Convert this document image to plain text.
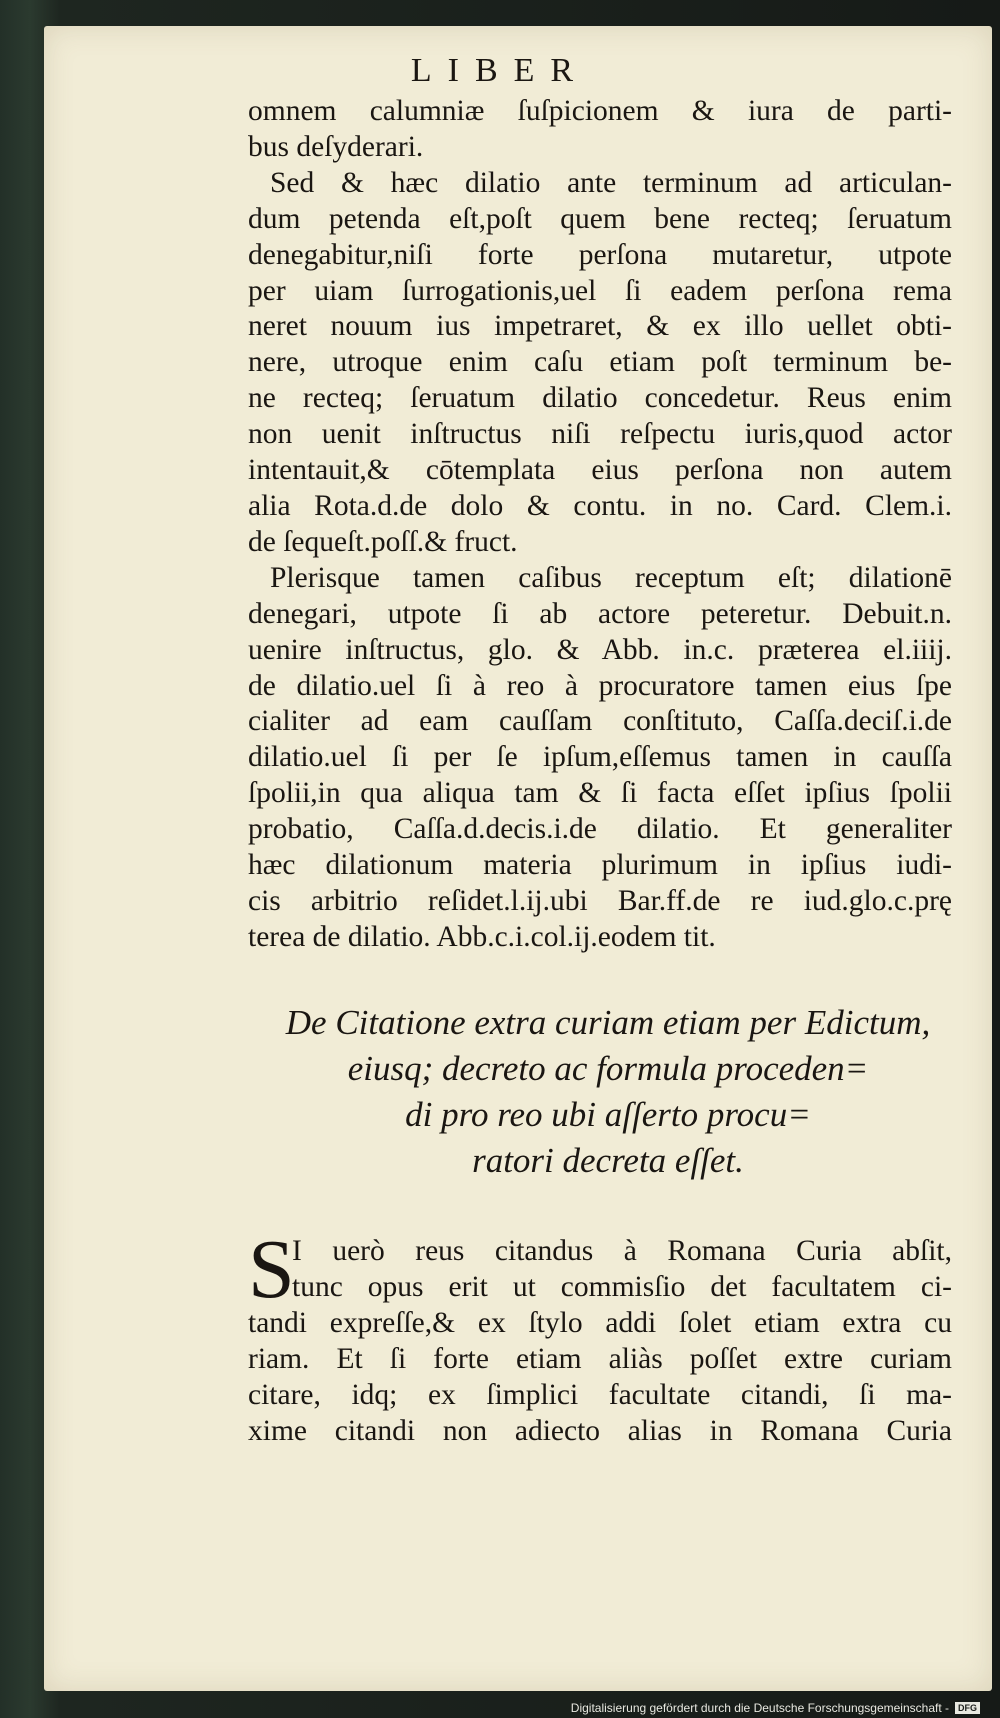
LIBER
omnem calumniæ ſuſpicionem & iura de parti-
bus deſyderari.
Sed & hæc dilatio ante terminum ad articulan-
dum petenda eſt,poſt quem bene recteq; ſeruatum
denegabitur,niſi forte perſona mutaretur, utpote
per uiam ſurrogationis,uel ſi eadem perſona rema
neret nouum ius impetraret, & ex illo uellet obti-
nere, utroque enim caſu etiam poſt terminum be-
ne recteq; ſeruatum dilatio concedetur. Reus enim
non uenit inſtructus niſi reſpectu iuris,quod actor
intentauit,& cōtemplata eius perſona non autem
alia Rota.d.de dolo & contu. in no. Card. Clem.i.
de ſequeſt.poſſ.& fruct.
Plerisque tamen caſibus receptum eſt; dilationē
denegari, utpote ſi ab actore peteretur. Debuit.n.
uenire inſtructus, glo. & Abb. in.c. præterea el.iiij.
de dilatio.uel ſi à reo à procuratore tamen eius ſpe
cialiter ad eam cauſſam conſtituto, Caſſa.deciſ.i.de
dilatio.uel ſi per ſe ipſum,eſſemus tamen in cauſſa
ſpolii,in qua aliqua tam & ſi facta eſſet ipſius ſpolii
probatio, Caſſa.d.decis.i.de dilatio. Et generaliter
hæc dilationum materia plurimum in ipſius iudi-
cis arbitrio reſidet.l.ij.ubi Bar.ff.de re iud.glo.c.prę
terea de dilatio. Abb.c.i.col.ij.eodem tit.
De Citatione extra curiam etiam per Edictum,
eiusq; decreto ac formula proceden=
di pro reo ubi aſſerto procu=
ratori decreta eſſet.
S
I uerò reus citandus à Romana Curia abſit,
tunc opus erit ut commisſio det facultatem ci-
tandi expreſſe,& ex ſtylo addi ſolet etiam extra cu
riam. Et ſi forte etiam aliàs poſſet extre curiam
citare, idq; ex ſimplici facultate citandi, ſi ma-
xime citandi non adiecto alias in Romana Curia
Digitalisierung gefördert durch die Deutsche Forschungsgemeinschaft -	DFG
